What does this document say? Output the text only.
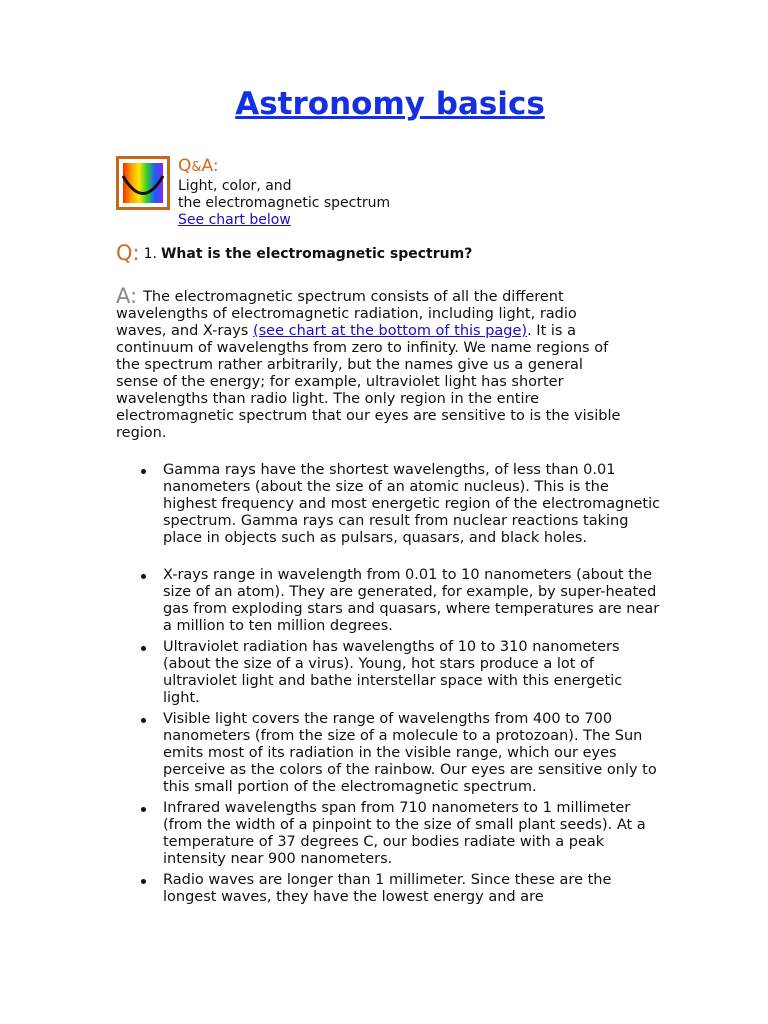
Astronomy basics
Q&A:
Light, color, and
the electromagnetic spectrum
See chart below
Q: 1. What is the electromagnetic spectrum?

A: The electromagnetic spectrum consists of all the different wavelengths of electromagnetic radiation, including light, radio waves, and X-rays (see chart at the bottom of this page). It is a continuum of wavelengths from zero to infinity. We name regions of the spectrum rather arbitrarily, but the names give us a general sense of the energy; for example, ultraviolet light has shorter wavelengths than radio light. The only region in the entire electromagnetic spectrum that our eyes are sensitive to is the visible region.

Gamma rays have the shortest wavelengths, of less than 0.01 nanometers (about the size of an atomic nucleus). This is the highest frequency and most energetic region of the electromagnetic spectrum. Gamma rays can result from nuclear reactions taking place in objects such as pulsars, quasars, and black holes.
X-rays range in wavelength from 0.01 to 10 nanometers (about the size of an atom). They are generated, for example, by super-heated gas from exploding stars and quasars, where temperatures are near a million to ten million degrees.
Ultraviolet radiation has wavelengths of 10 to 310 nanometers (about the size of a virus). Young, hot stars produce a lot of ultraviolet light and bathe interstellar space with this energetic light.
Visible light covers the range of wavelengths from 400 to 700 nanometers (from the size of a molecule to a protozoan). The Sun emits most of its radiation in the visible range, which our eyes perceive as the colors of the rainbow. Our eyes are sensitive only to this small portion of the electromagnetic spectrum.
Infrared wavelengths span from 710 nanometers to 1 millimeter (from the width of a pinpoint to the size of small plant seeds). At a temperature of 37 degrees C, our bodies radiate with a peak intensity near 900 nanometers.
Radio waves are longer than 1 millimeter. Since these are the longest waves, they have the lowest energy and are
